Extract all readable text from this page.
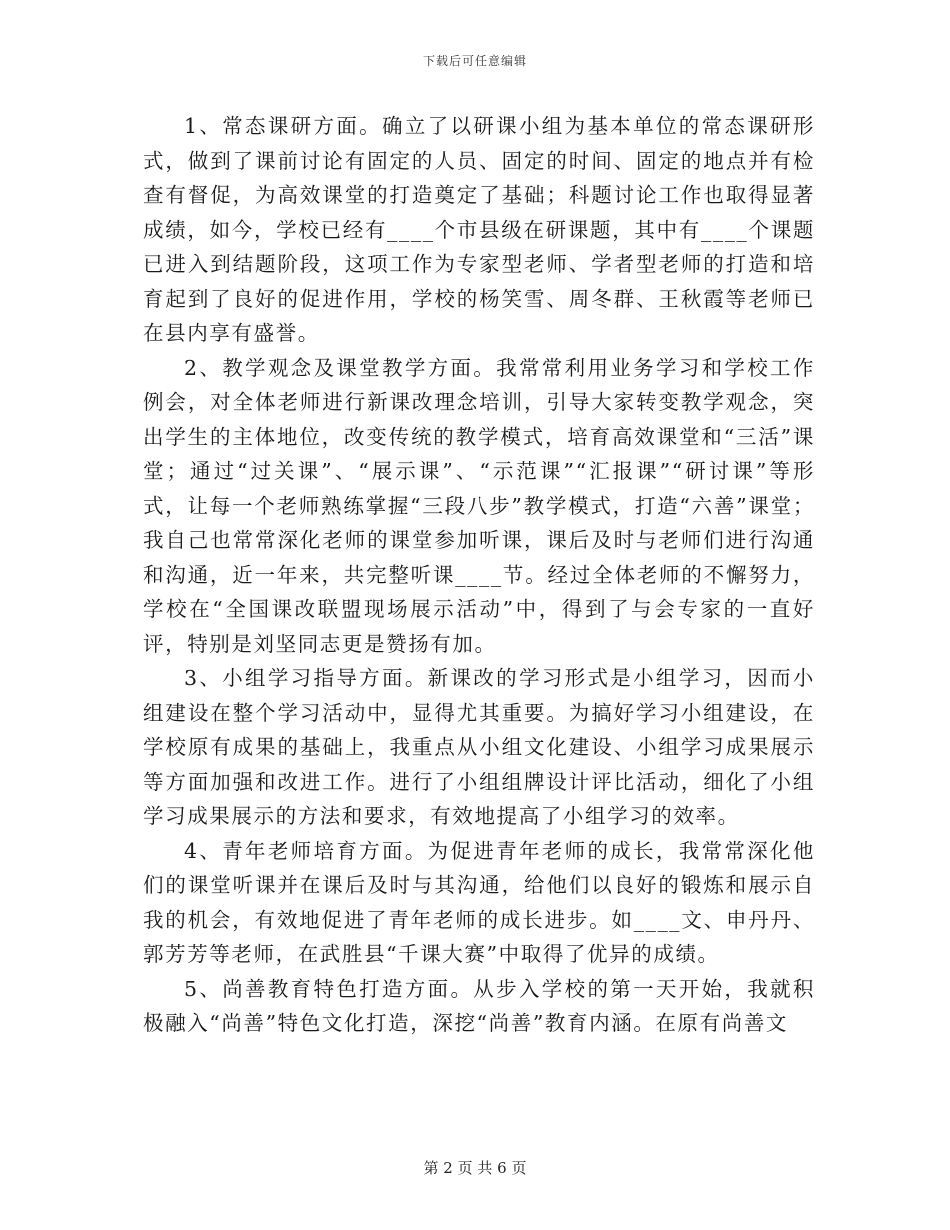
下载后可任意编辑

1、常态课研方面。确立了以研课小组为基本单位的常态课研形式，做到了课前讨论有固定的人员、固定的时间、固定的地点并有检查有督促，为高效课堂的打造奠定了基础；科题讨论工作也取得显著成绩，如今，学校已经有____个市县级在研课题，其中有____个课题已进入到结题阶段，这项工作为专家型老师、学者型老师的打造和培育起到了良好的促进作用，学校的杨笑雪、周冬群、王秋霞等老师已在县内享有盛誉。

2、教学观念及课堂教学方面。我常常利用业务学习和学校工作例会，对全体老师进行新课改理念培训，引导大家转变教学观念，突出学生的主体地位，改变传统的教学模式，培育高效课堂和“三活”课堂；通过“过关课”、“展示课”、“示范课”“汇报课”“研讨课”等形式，让每一个老师熟练掌握“三段八步”教学模式，打造“六善”课堂；我自己也常常深化老师的课堂参加听课，课后及时与老师们进行沟通和沟通，近一年来，共完整听课____节。经过全体老师的不懈努力，学校在“全国课改联盟现场展示活动”中，得到了与会专家的一直好评，特别是刘坚同志更是赞扬有加。

3、小组学习指导方面。新课改的学习形式是小组学习，因而小组建设在整个学习活动中，显得尤其重要。为搞好学习小组建设，在学校原有成果的基础上，我重点从小组文化建设、小组学习成果展示等方面加强和改进工作。进行了小组组牌设计评比活动，细化了小组学习成果展示的方法和要求，有效地提高了小组学习的效率。

4、青年老师培育方面。为促进青年老师的成长，我常常深化他们的课堂听课并在课后及时与其沟通，给他们以良好的锻炼和展示自我的机会，有效地促进了青年老师的成长进步。如____文、申丹丹、郭芳芳等老师，在武胜县“千课大赛”中取得了优异的成绩。

5、尚善教育特色打造方面。从步入学校的第一天开始，我就积极融入“尚善”特色文化打造，深挖“尚善”教育内涵。在原有尚善文

第 2 页 共 6 页
